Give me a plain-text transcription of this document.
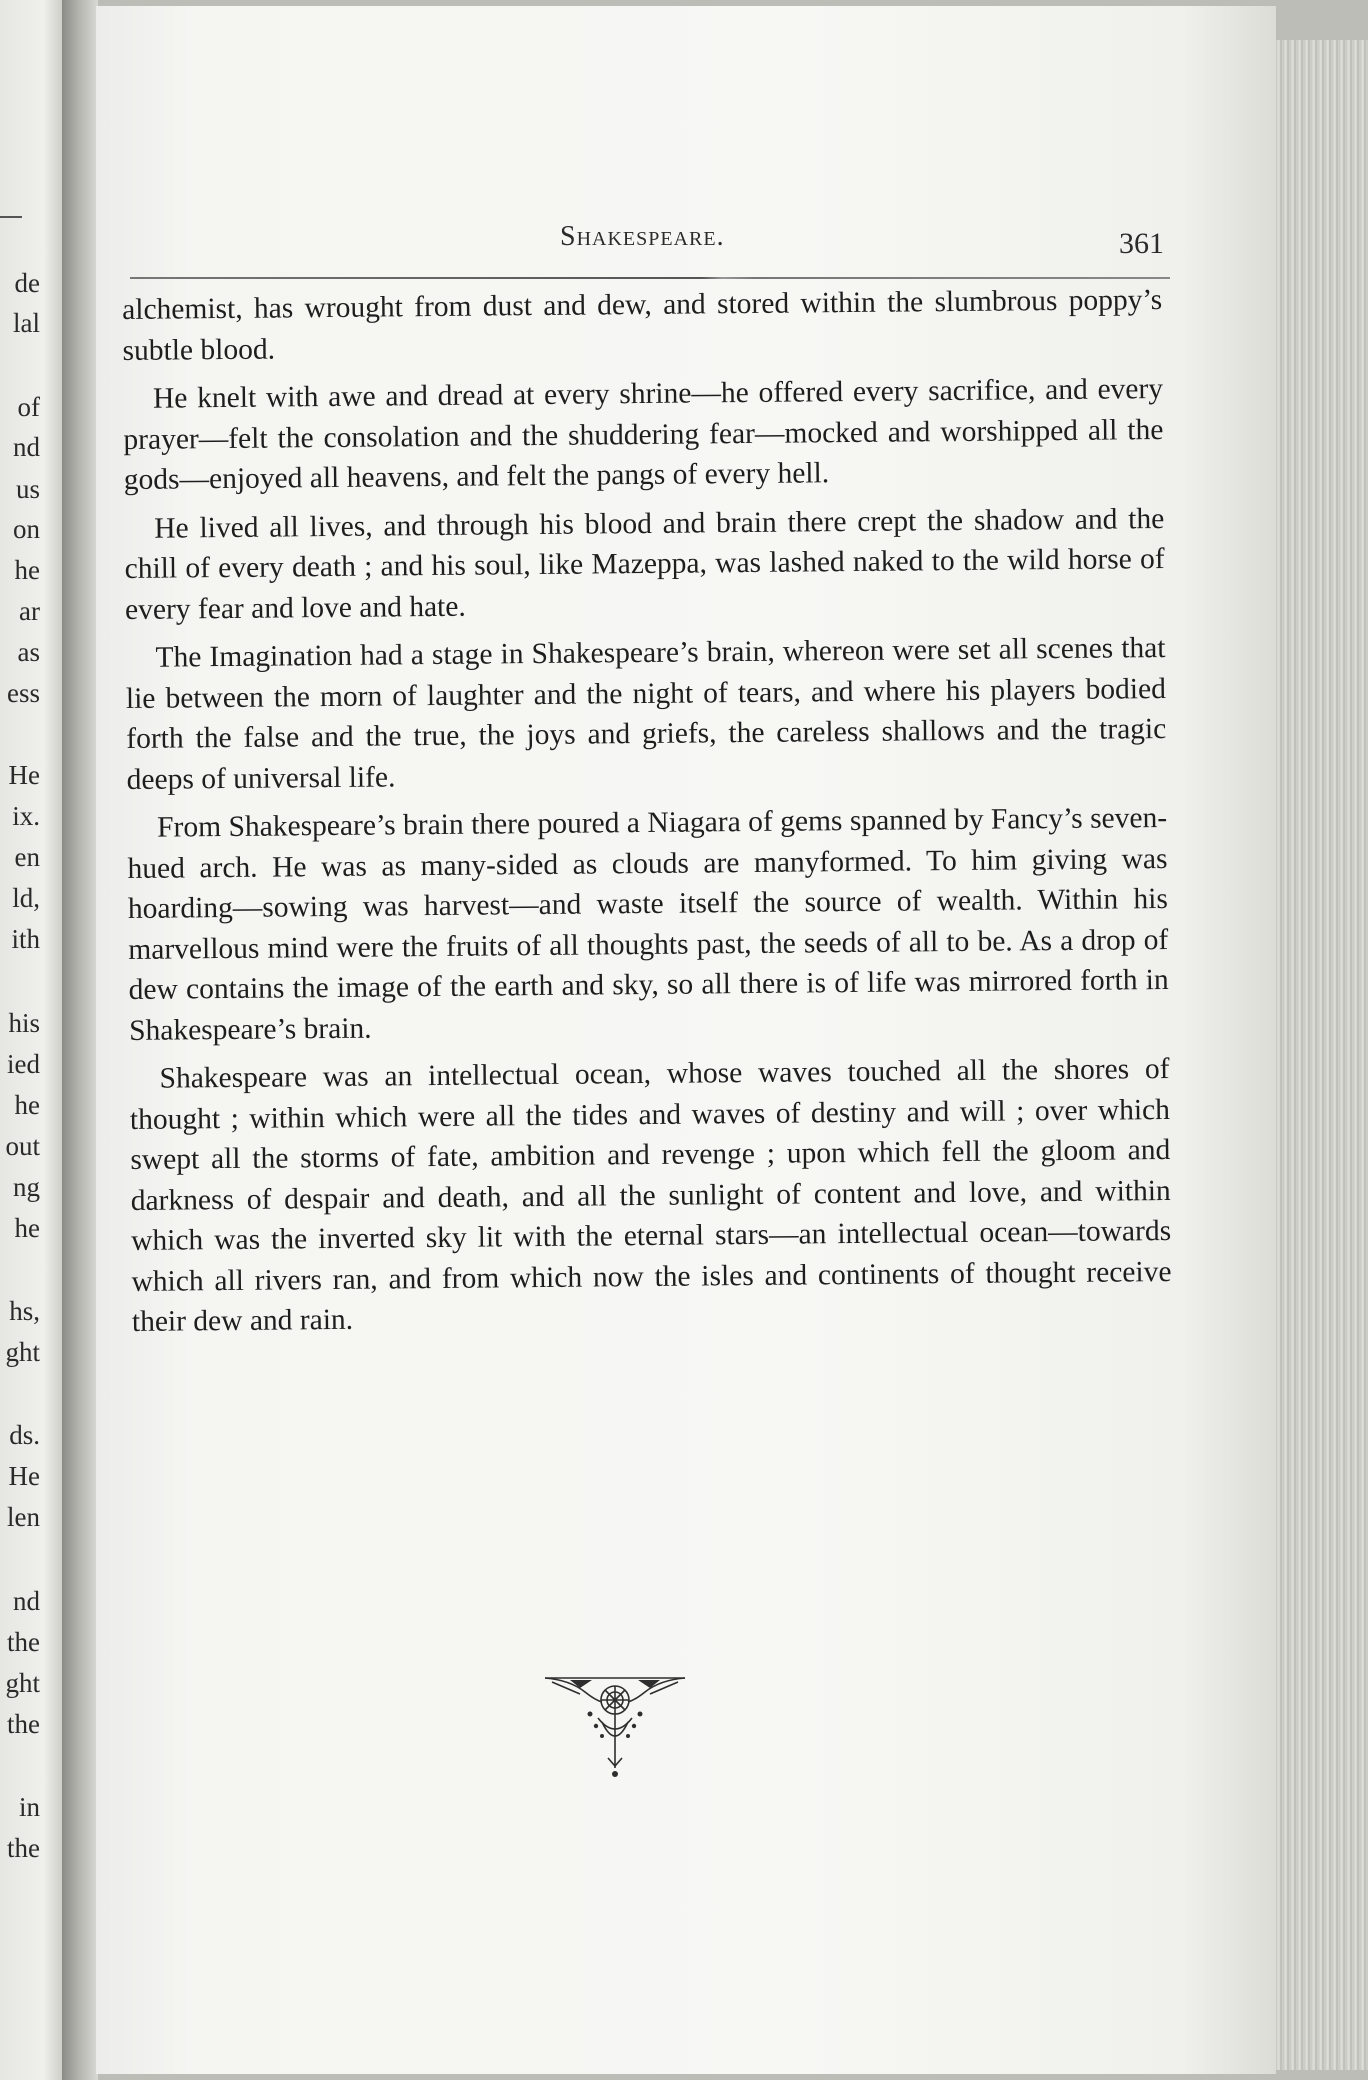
de
lal
of
nd
us
on
he
ar
as
ess
He
ix.
en
ld,
ith
his
ied
he
out
ng
he
hs,
ght
ds.
He
len
nd
the
ght
the
in
the
Shakespeare.	361

alchemist, has wrought from dust and dew, and stored within the slumbrous poppy’s subtle blood.

He knelt with awe and dread at every shrine—he offered every sacrifice, and every prayer—felt the consolation and the shuddering fear—mocked and worshipped all the gods—enjoyed all heavens, and felt the pangs of every hell.

He lived all lives, and through his blood and brain there crept the shadow and the chill of every death ; and his soul, like Mazeppa, was lashed naked to the wild horse of every fear and love and hate.

The Imagination had a stage in Shakespeare’s brain, whereon were set all scenes that lie between the morn of laughter and the night of tears, and where his players bodied forth the false and the true, the joys and griefs, the careless shallows and the tragic deeps of universal life.

From Shakespeare’s brain there poured a Niagara of gems spanned by Fancy’s seven-hued arch. He was as many-sided as clouds are manyformed. To him giving was hoarding—sowing was harvest—and waste itself the source of wealth. Within his marvellous mind were the fruits of all thoughts past, the seeds of all to be. As a drop of dew contains the image of the earth and sky, so all there is of life was mirrored forth in Shakespeare’s brain.

Shakespeare was an intellectual ocean, whose waves touched all the shores of thought ; within which were all the tides and waves of destiny and will ; over which swept all the storms of fate, ambition and revenge ; upon which fell the gloom and darkness of despair and death, and all the sunlight of content and love, and within which was the inverted sky lit with the eternal stars—an intellectual ocean—towards which all rivers ran, and from which now the isles and continents of thought receive their dew and rain.
